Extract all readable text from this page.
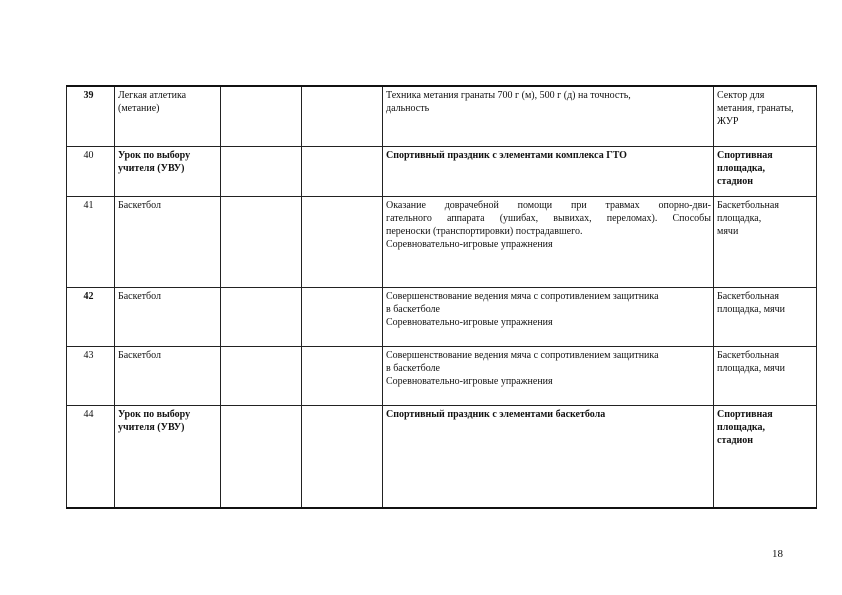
39	Легкая атлетика
(метание)			Техника метания гранаты 700 г (м), 500 г (д) на точность,
дальность	Сектор для
метания, гранаты,
ЖУР

40	Урок по выбору
учителя (УВУ)			Спортивный праздник с элементами комплекса ГТО	Спортивная
площадка,
стадион

41	Баскетбол			Оказание доврачебной помощи при травмах опорно-дви-
гательного аппарата (ушибах, вывихах, переломах). Способы
переноски (транспортировки) пострадавшего.
Соревновательно-игровые упражнения	Баскетбольная
площадка,
мячи

42	Баскетбол			Совершенствование ведения мяча с сопротивлением защитника
в баскетболе
Соревновательно-игровые упражнения	Баскетбольная
площадка, мячи

43	Баскетбол			Совершенствование ведения мяча с сопротивлением защитника
в баскетболе
Соревновательно-игровые упражнения	Баскетбольная
площадка, мячи

44	Урок по выбору
учителя (УВУ)			Спортивный праздник с элементами баскетбола	Спортивная
площадка,
стадион
18
